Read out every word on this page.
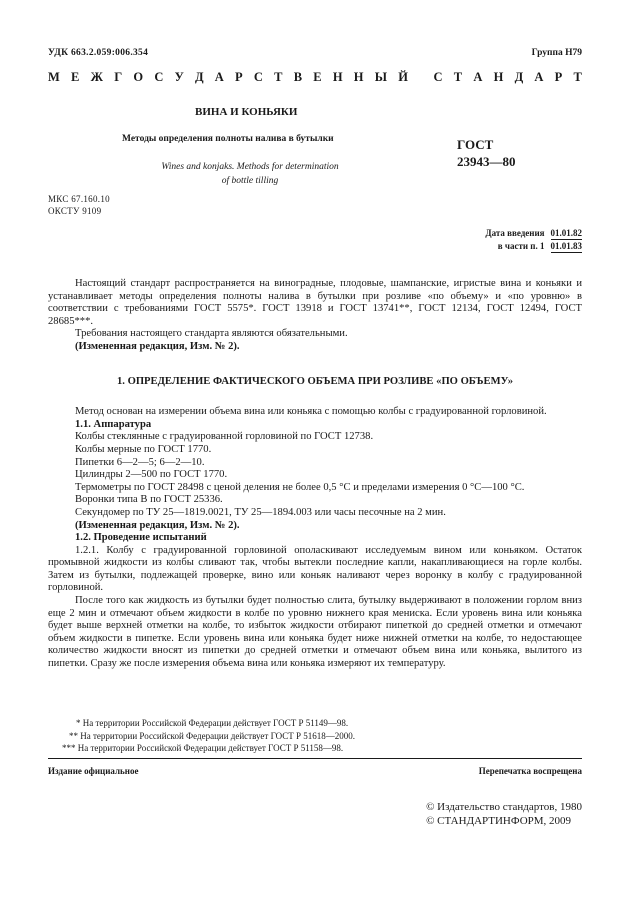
УДК 663.2.059:006.354	Группа Н79
М Е Ж Г О С У Д А Р С Т В Е Н Н Ы Й
С Т А Н Д А Р Т
ВИНА И КОНЬЯКИ
Методы определения полноты налива в бутылки
Wines and konjaks. Methods for determination
of bottle tilling
ГОСТ
23943—80
МКС 67.160.10
ОКСТУ 9109
Дата введения 01.01.82
в части п. 1 01.01.83

Настоящий стандарт распространяется на виноградные, плодовые, шампанские, игристые вина и коньяки и устанавливает методы определения полноты налива в бутылки при розливе «по объему» и «по уровню» в соответствии с требованиями ГОСТ 5575*. ГОСТ 13918 и ГОСТ 13741**, ГОСТ 12134, ГОСТ 12494, ГОСТ 28685***.

Требования настоящего стандарта являются обязательными.

(Измененная редакция, Изм. № 2).

1. ОПРЕДЕЛЕНИЕ ФАКТИЧЕСКОГО ОБЪЕМА ПРИ РОЗЛИВЕ «ПО ОБЪЕМУ»

Метод основан на измерении объема вина или коньяка с помощью колбы с градуированной горловиной.

1.1. Аппаратура

Колбы стеклянные с градуированной горловиной по ГОСТ 12738.

Колбы мерные по ГОСТ 1770.

Пипетки 6—2—5; 6—2—10.

Цилиндры 2—500 по ГОСТ 1770.

Термометры по ГОСТ 28498 с ценой деления не более 0,5 °С и пределами измерения 0 °С—100 °С.

Воронки типа В по ГОСТ 25336.

Секундомер по ТУ 25—1819.0021, ТУ 25—1894.003 или часы песочные на 2 мин.

(Измененная редакция, Изм. № 2).

1.2. Проведение испытаний

1.2.1. Колбу с градуированной горловиной ополаскивают исследуемым вином или коньяком. Остаток промывной жидкости из колбы сливают так, чтобы вытекли последние капли, накапливающиеся на горле колбы. Затем из бутылки, подлежащей проверке, вино или коньяк наливают через воронку в колбу с градуированной горловиной.

После того как жидкость из бутылки будет полностью слита, бутылку выдерживают в положении горлом вниз еще 2 мин и отмечают объем жидкости в колбе по уровню нижнего края мениска. Если уровень вина или коньяка будет выше верхней отметки на колбе, то избыток жидкости отбирают пипеткой до средней отметки и отмечают объем жидкости в пипетке. Если уровень вина или коньяка будет ниже нижней отметки на колбе, то недостающее количество жидкости вносят из пипетки до средней отметки и отмечают объем вина или коньяка, вылитого из пипетки. Сразу же после измерения объема вина или коньяка измеряют их температуру.

* На территории Российской Федерации действует ГОСТ Р 51149—98.

** На территории Российской Федерации действует ГОСТ Р 51618—2000.

*** На территории Российской Федерации действует ГОСТ Р 51158—98.

Издание официальное	Перепечатка воспрещена
© Издательство стандартов, 1980
© СТАНДАРТИНФОРМ, 2009
